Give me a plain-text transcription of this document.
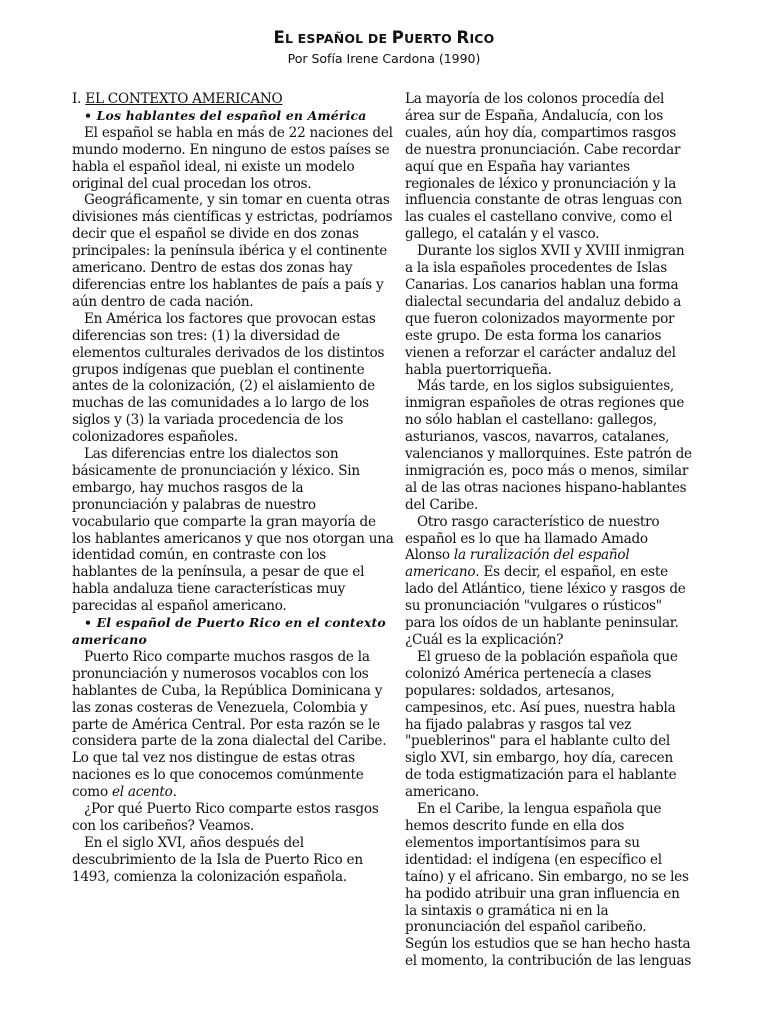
EL ESPAÑOL DE PUERTO RICO
Por Sofía Irene Cardona (1990)

I. EL CONTEXTO AMERICANO

• Los hablantes del español en América

El español se habla en más de 22 naciones del mundo moderno. En ninguno de estos países se habla el español ideal, ni existe un modelo original del cual procedan los otros.

Geográficamente, y sin tomar en cuenta otras divisiones más científicas y estrictas, podríamos decir que el español se divide en dos zonas principales: la península ibérica y el continente americano. Dentro de estas dos zonas hay diferencias entre los hablantes de país a país y aún dentro de cada nación.

En América los factores que provocan estas diferencias son tres: (1) la diversidad de elementos culturales derivados de los distintos grupos indígenas que pueblan el continente antes de la colonización, (2) el aislamiento de muchas de las comunidades a lo largo de los siglos y (3) la variada procedencia de los colonizadores españoles.

Las diferencias entre los dialectos son básicamente de pronunciación y léxico. Sin embargo, hay muchos rasgos de la pronunciación y palabras de nuestro vocabulario que comparte la gran mayoría de los hablantes americanos y que nos otorgan una identidad común, en contraste con los hablantes de la península, a pesar de que el habla andaluza tiene características muy parecidas al español americano.

• El español de Puerto Rico en el contexto americano

Puerto Rico comparte muchos rasgos de la pronunciación y numerosos vocablos con los hablantes de Cuba, la República Dominicana y las zonas costeras de Venezuela, Colombia y parte de América Central. Por esta razón se le considera parte de la zona dialectal del Caribe. Lo que tal vez nos distingue de estas otras naciones es lo que conocemos comúnmente como el acento.

¿Por qué Puerto Rico comparte estos rasgos con los caribeños? Veamos.

En el siglo XVI, años después del descubrimiento de la Isla de Puerto Rico en 1493, comienza la colonización española.

La mayoría de los colonos procedía del área sur de España, Andalucía, con los cuales, aún hoy día, compartimos rasgos de nuestra pronunciación. Cabe recordar aquí que en España hay variantes regionales de léxico y pronunciación y la influencia constante de otras lenguas con las cuales el castellano convive, como el gallego, el catalán y el vasco.

Durante los siglos XVII y XVIII inmigran a la isla españoles procedentes de Islas Canarias. Los canarios hablan una forma dialectal secundaria del andaluz debido a que fueron colonizados mayormente por este grupo. De esta forma los canarios vienen a reforzar el carácter andaluz del habla puertorriqueña.

Más tarde, en los siglos subsiguientes, inmigran españoles de otras regiones que no sólo hablan el castellano: gallegos, asturianos, vascos, navarros, catalanes, valencianos y mallorquines. Este patrón de inmigración es, poco más o menos, similar al de las otras naciones hispano-hablantes del Caribe.

Otro rasgo característico de nuestro español es lo que ha llamado Amado Alonso la ruralización del español americano. Es decir, el español, en este lado del Atlántico, tiene léxico y rasgos de su pronunciación "vulgares o rústicos" para los oídos de un hablante peninsular. ¿Cuál es la explicación?

El grueso de la población española que colonizó América pertenecía a clases populares: soldados, artesanos, campesinos, etc. Así pues, nuestra habla ha fijado palabras y rasgos tal vez "pueblerinos" para el hablante culto del siglo XVI, sin embargo, hoy día, carecen de toda estigmatización para el hablante americano.

En el Caribe, la lengua española que hemos descrito funde en ella dos elementos importantísimos para su identidad: el indígena (en específico el taíno) y el africano. Sin embargo, no se les ha podido atribuir una gran influencia en la sintaxis o gramática ni en la pronunciación del español caribeño.

Según los estudios que se han hecho hasta el momento, la contribución de las lenguas
